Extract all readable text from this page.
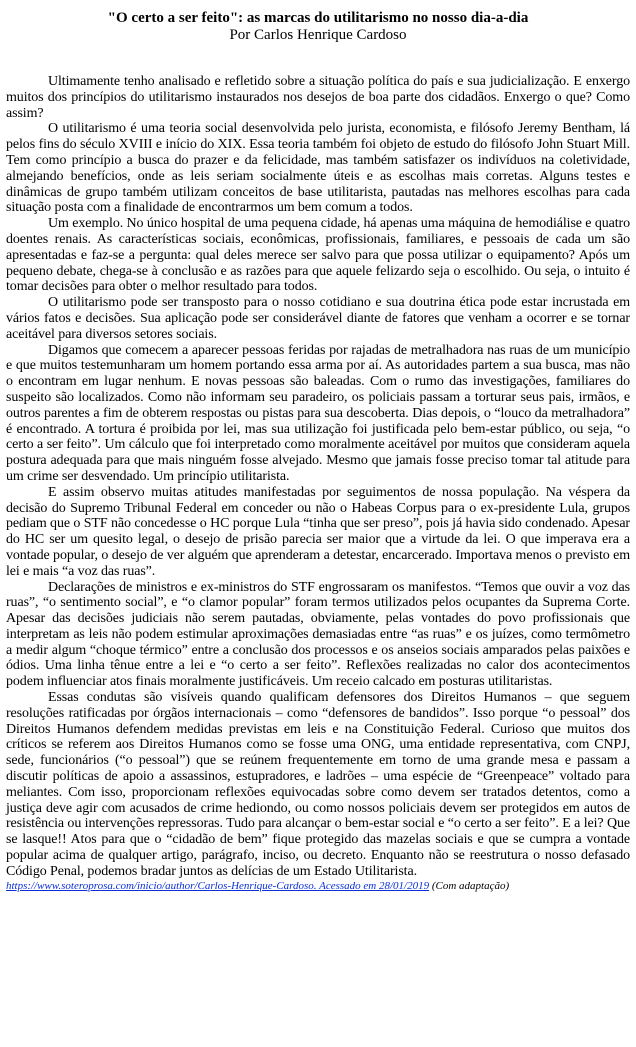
"O certo a ser feito": as marcas do utilitarismo no nosso dia-a-dia

Por Carlos Henrique Cardoso

Ultimamente tenho analisado e refletido sobre a situação política do país e sua judicialização. E enxergo muitos dos princípios do utilitarismo instaurados nos desejos de boa parte dos cidadãos. Enxergo o que? Como assim?

O utilitarismo é uma teoria social desenvolvida pelo jurista, economista, e filósofo Jeremy Bentham, lá pelos fins do século XVIII e início do XIX. Essa teoria também foi objeto de estudo do filósofo John Stuart Mill. Tem como princípio a busca do prazer e da felicidade, mas também satisfazer os indivíduos na coletividade, almejando benefícios, onde as leis seriam socialmente úteis e as escolhas mais corretas. Alguns testes e dinâmicas de grupo também utilizam conceitos de base utilitarista, pautadas nas melhores escolhas para cada situação posta com a finalidade de encontrarmos um bem comum a todos.

Um exemplo. No único hospital de uma pequena cidade, há apenas uma máquina de hemodiálise e quatro doentes renais. As características sociais, econômicas, profissionais, familiares, e pessoais de cada um são apresentadas e faz-se a pergunta: qual deles merece ser salvo para que possa utilizar o equipamento? Após um pequeno debate, chega-se à conclusão e as razões para que aquele felizardo seja o escolhido. Ou seja, o intuito é tomar decisões para obter o melhor resultado para todos.

O utilitarismo pode ser transposto para o nosso cotidiano e sua doutrina ética pode estar incrustada em vários fatos e decisões. Sua aplicação pode ser considerável diante de fatores que venham a ocorrer e se tornar aceitável para diversos setores sociais.

Digamos que comecem a aparecer pessoas feridas por rajadas de metralhadora nas ruas de um município e que muitos testemunharam um homem portando essa arma por aí. As autoridades partem a sua busca, mas não o encontram em lugar nenhum. E novas pessoas são baleadas. Com o rumo das investigações, familiares do suspeito são localizados. Como não informam seu paradeiro, os policiais passam a torturar seus pais, irmãos, e outros parentes a fim de obterem respostas ou pistas para sua descoberta. Dias depois, o “louco da metralhadora” é encontrado. A tortura é proibida por lei, mas sua utilização foi justificada pelo bem-estar público, ou seja, “o certo a ser feito”. Um cálculo que foi interpretado como moralmente aceitável por muitos que consideram aquela postura adequada para que mais ninguém fosse alvejado. Mesmo que jamais fosse preciso tomar tal atitude para um crime ser desvendado. Um princípio utilitarista.

E assim observo muitas atitudes manifestadas por seguimentos de nossa população. Na véspera da decisão do Supremo Tribunal Federal em conceder ou não o Habeas Corpus para o ex-presidente Lula, grupos pediam que o STF não concedesse o HC porque Lula “tinha que ser preso”, pois já havia sido condenado. Apesar do HC ser um quesito legal, o desejo de prisão parecia ser maior que a virtude da lei. O que imperava era a vontade popular, o desejo de ver alguém que aprenderam a detestar, encarcerado. Importava menos o previsto em lei e mais “a voz das ruas”.

Declarações de ministros e ex-ministros do STF engrossaram os manifestos. “Temos que ouvir a voz das ruas”, “o sentimento social”, e “o clamor popular” foram termos utilizados pelos ocupantes da Suprema Corte. Apesar das decisões judiciais não serem pautadas, obviamente, pelas vontades do povo profissionais que interpretam as leis não podem estimular aproximações demasiadas entre “as ruas” e os juízes, como termômetro a medir algum “choque térmico” entre a conclusão dos processos e os anseios sociais amparados pelas paixões e ódios. Uma linha tênue entre a lei e “o certo a ser feito”. Reflexões realizadas no calor dos acontecimentos podem influenciar atos finais moralmente justificáveis. Um receio calcado em posturas utilitaristas.

Essas condutas são visíveis quando qualificam defensores dos Direitos Humanos – que seguem resoluções ratificadas por órgãos internacionais – como “defensores de bandidos”. Isso porque “o pessoal” dos Direitos Humanos defendem medidas previstas em leis e na Constituição Federal. Curioso que muitos dos críticos se referem aos Direitos Humanos como se fosse uma ONG, uma entidade representativa, com CNPJ, sede, funcionários (“o pessoal”) que se reúnem frequentemente em torno de uma grande mesa e passam a discutir políticas de apoio a assassinos, estupradores, e ladrões – uma espécie de “Greenpeace” voltado para meliantes. Com isso, proporcionam reflexões equivocadas sobre como devem ser tratados detentos, como a justiça deve agir com acusados de crime hediondo, ou como nossos policiais devem ser protegidos em autos de resistência ou intervenções repressoras. Tudo para alcançar o bem-estar social e “o certo a ser feito”. E a lei? Que se lasque!! Atos para que o “cidadão de bem” fique protegido das mazelas sociais e que se cumpra a vontade popular acima de qualquer artigo, parágrafo, inciso, ou decreto. Enquanto não se reestrutura o nosso defasado Código Penal, podemos bradar juntos as delícias de um Estado Utilitarista.

https://www.soteroprosa.com/inicio/author/Carlos-Henrique-Cardoso. Acessado em 28/01/2019 (Com adaptação)
